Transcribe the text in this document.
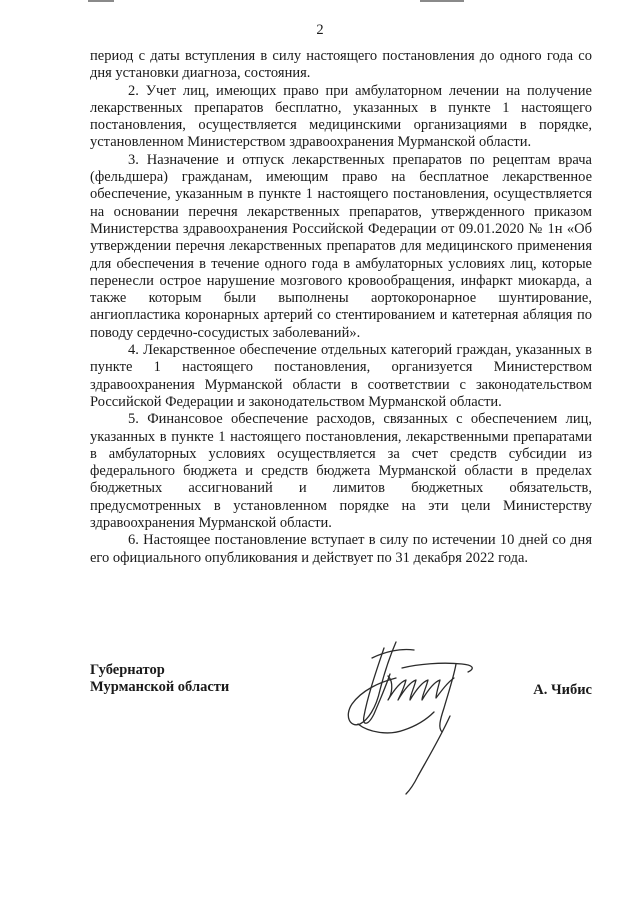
2

период с даты вступления в силу настоящего постановления до одного года со дня установки диагноза, состояния.

2. Учет лиц, имеющих право при амбулаторном лечении на получение лекарственных препаратов бесплатно, указанных в пункте 1 настоящего постановления, осуществляется медицинскими организациями в порядке, установленном Министерством здравоохранения Мурманской области.

3. Назначение и отпуск лекарственных препаратов по рецептам врача (фельдшера) гражданам, имеющим право на бесплатное лекарственное обеспечение, указанным в пункте 1 настоящего постановления, осуществляется на основании перечня лекарственных препаратов, утвержденного приказом Министерства здравоохранения Российской Федерации от 09.01.2020 № 1н «Об утверждении перечня лекарственных препаратов для медицинского применения для обеспечения в течение одного года в амбулаторных условиях лиц, которые перенесли острое нарушение мозгового кровообращения, инфаркт миокарда, а также которым были выполнены аортокоронарное шунтирование, ангиопластика коронарных артерий со стентированием и катетерная абляция по поводу сердечно-сосудистых заболеваний».

4. Лекарственное обеспечение отдельных категорий граждан, указанных в пункте 1 настоящего постановления, организуется Министерством здравоохранения Мурманской области в соответствии с законодательством Российской Федерации и законодательством Мурманской области.

5. Финансовое обеспечение расходов, связанных с обеспечением лиц, указанных в пункте 1 настоящего постановления, лекарственными препаратами в амбулаторных условиях осуществляется за счет средств субсидии из федерального бюджета и средств бюджета Мурманской области в пределах бюджетных ассигнований и лимитов бюджетных обязательств, предусмотренных в установленном порядке на эти цели Министерству здравоохранения Мурманской области.

6. Настоящее постановление вступает в силу по истечении 10 дней со дня его официального опубликования и действует по 31 декабря 2022 года.

Губернатор
Мурманской области	А. Чибис
